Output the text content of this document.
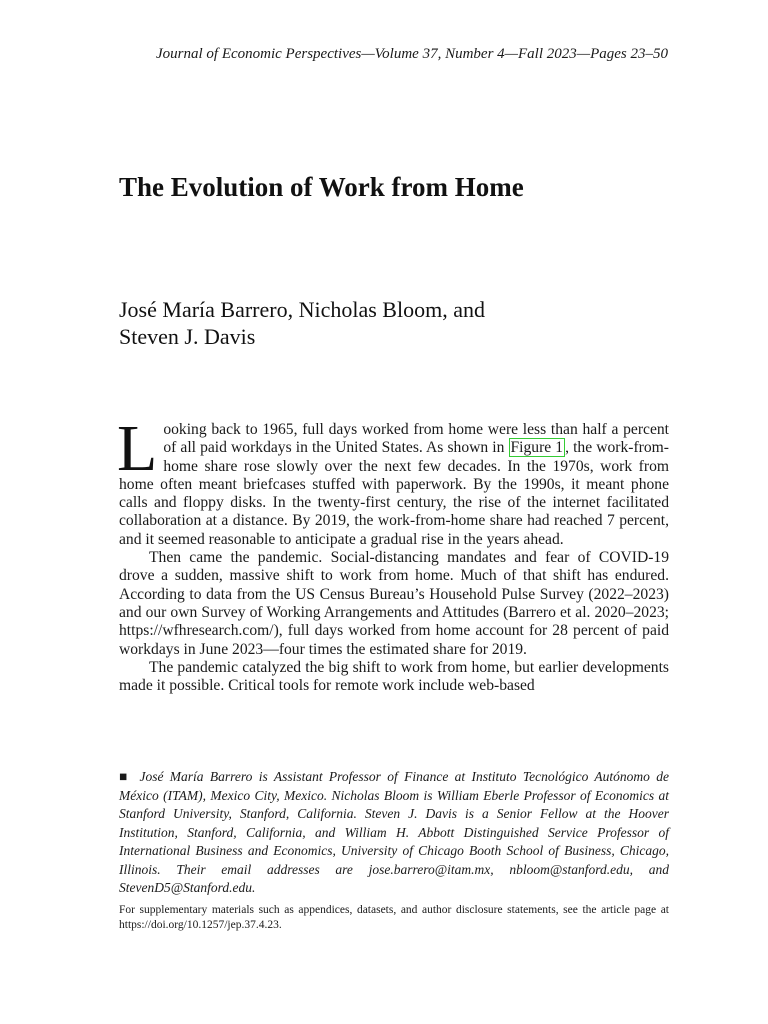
Journal of Economic Perspectives—Volume 37, Number 4—Fall 2023—Pages 23–50
The Evolution of Work from Home
José María Barrero, Nicholas Bloom, and
Steven J. Davis

Looking back to 1965, full days worked from home were less than half a percent of all paid workdays in the United States. As shown in Figure 1 , the work-from-home share rose slowly over the next few decades. In the 1970s, work from home often meant briefcases stuffed with paperwork. By the 1990s, it meant phone calls and floppy disks. In the twenty-first century, the rise of the internet facilitated collaboration at a distance. By 2019, the work-from-home share had reached 7 percent, and it seemed reasonable to anticipate a gradual rise in the years ahead.

Then came the pandemic. Social-distancing mandates and fear of COVID-19 drove a sudden, massive shift to work from home. Much of that shift has endured. According to data from the US Census Bureau’s Household Pulse Survey (2022–2023) and our own Survey of Working Arrangements and Attitudes (Barrero et al. 2020–2023; https://wfhresearch.com/), full days worked from home account for 28 percent of paid workdays in June 2023—four times the estimated share for 2019.

The pandemic catalyzed the big shift to work from home, but earlier developments made it possible. Critical tools for remote work include web-based

■ José María Barrero is Assistant Professor of Finance at Instituto Tecnológico Autónomo de México (ITAM), Mexico City, Mexico. Nicholas Bloom is William Eberle Professor of Economics at Stanford University, Stanford, California. Steven J. Davis is a Senior Fellow at the Hoover Institution, Stanford, California, and William H. Abbott Distinguished Service Professor of International Business and Economics, University of Chicago Booth School of Business, Chicago, Illinois. Their email addresses are jose.barrero@itam.mx, nbloom@stanford.edu, and StevenD5@Stanford.edu.
For supplementary materials such as appendices, datasets, and author disclosure statements, see the article page at https://doi.org/10.1257/jep.37.4.23.
